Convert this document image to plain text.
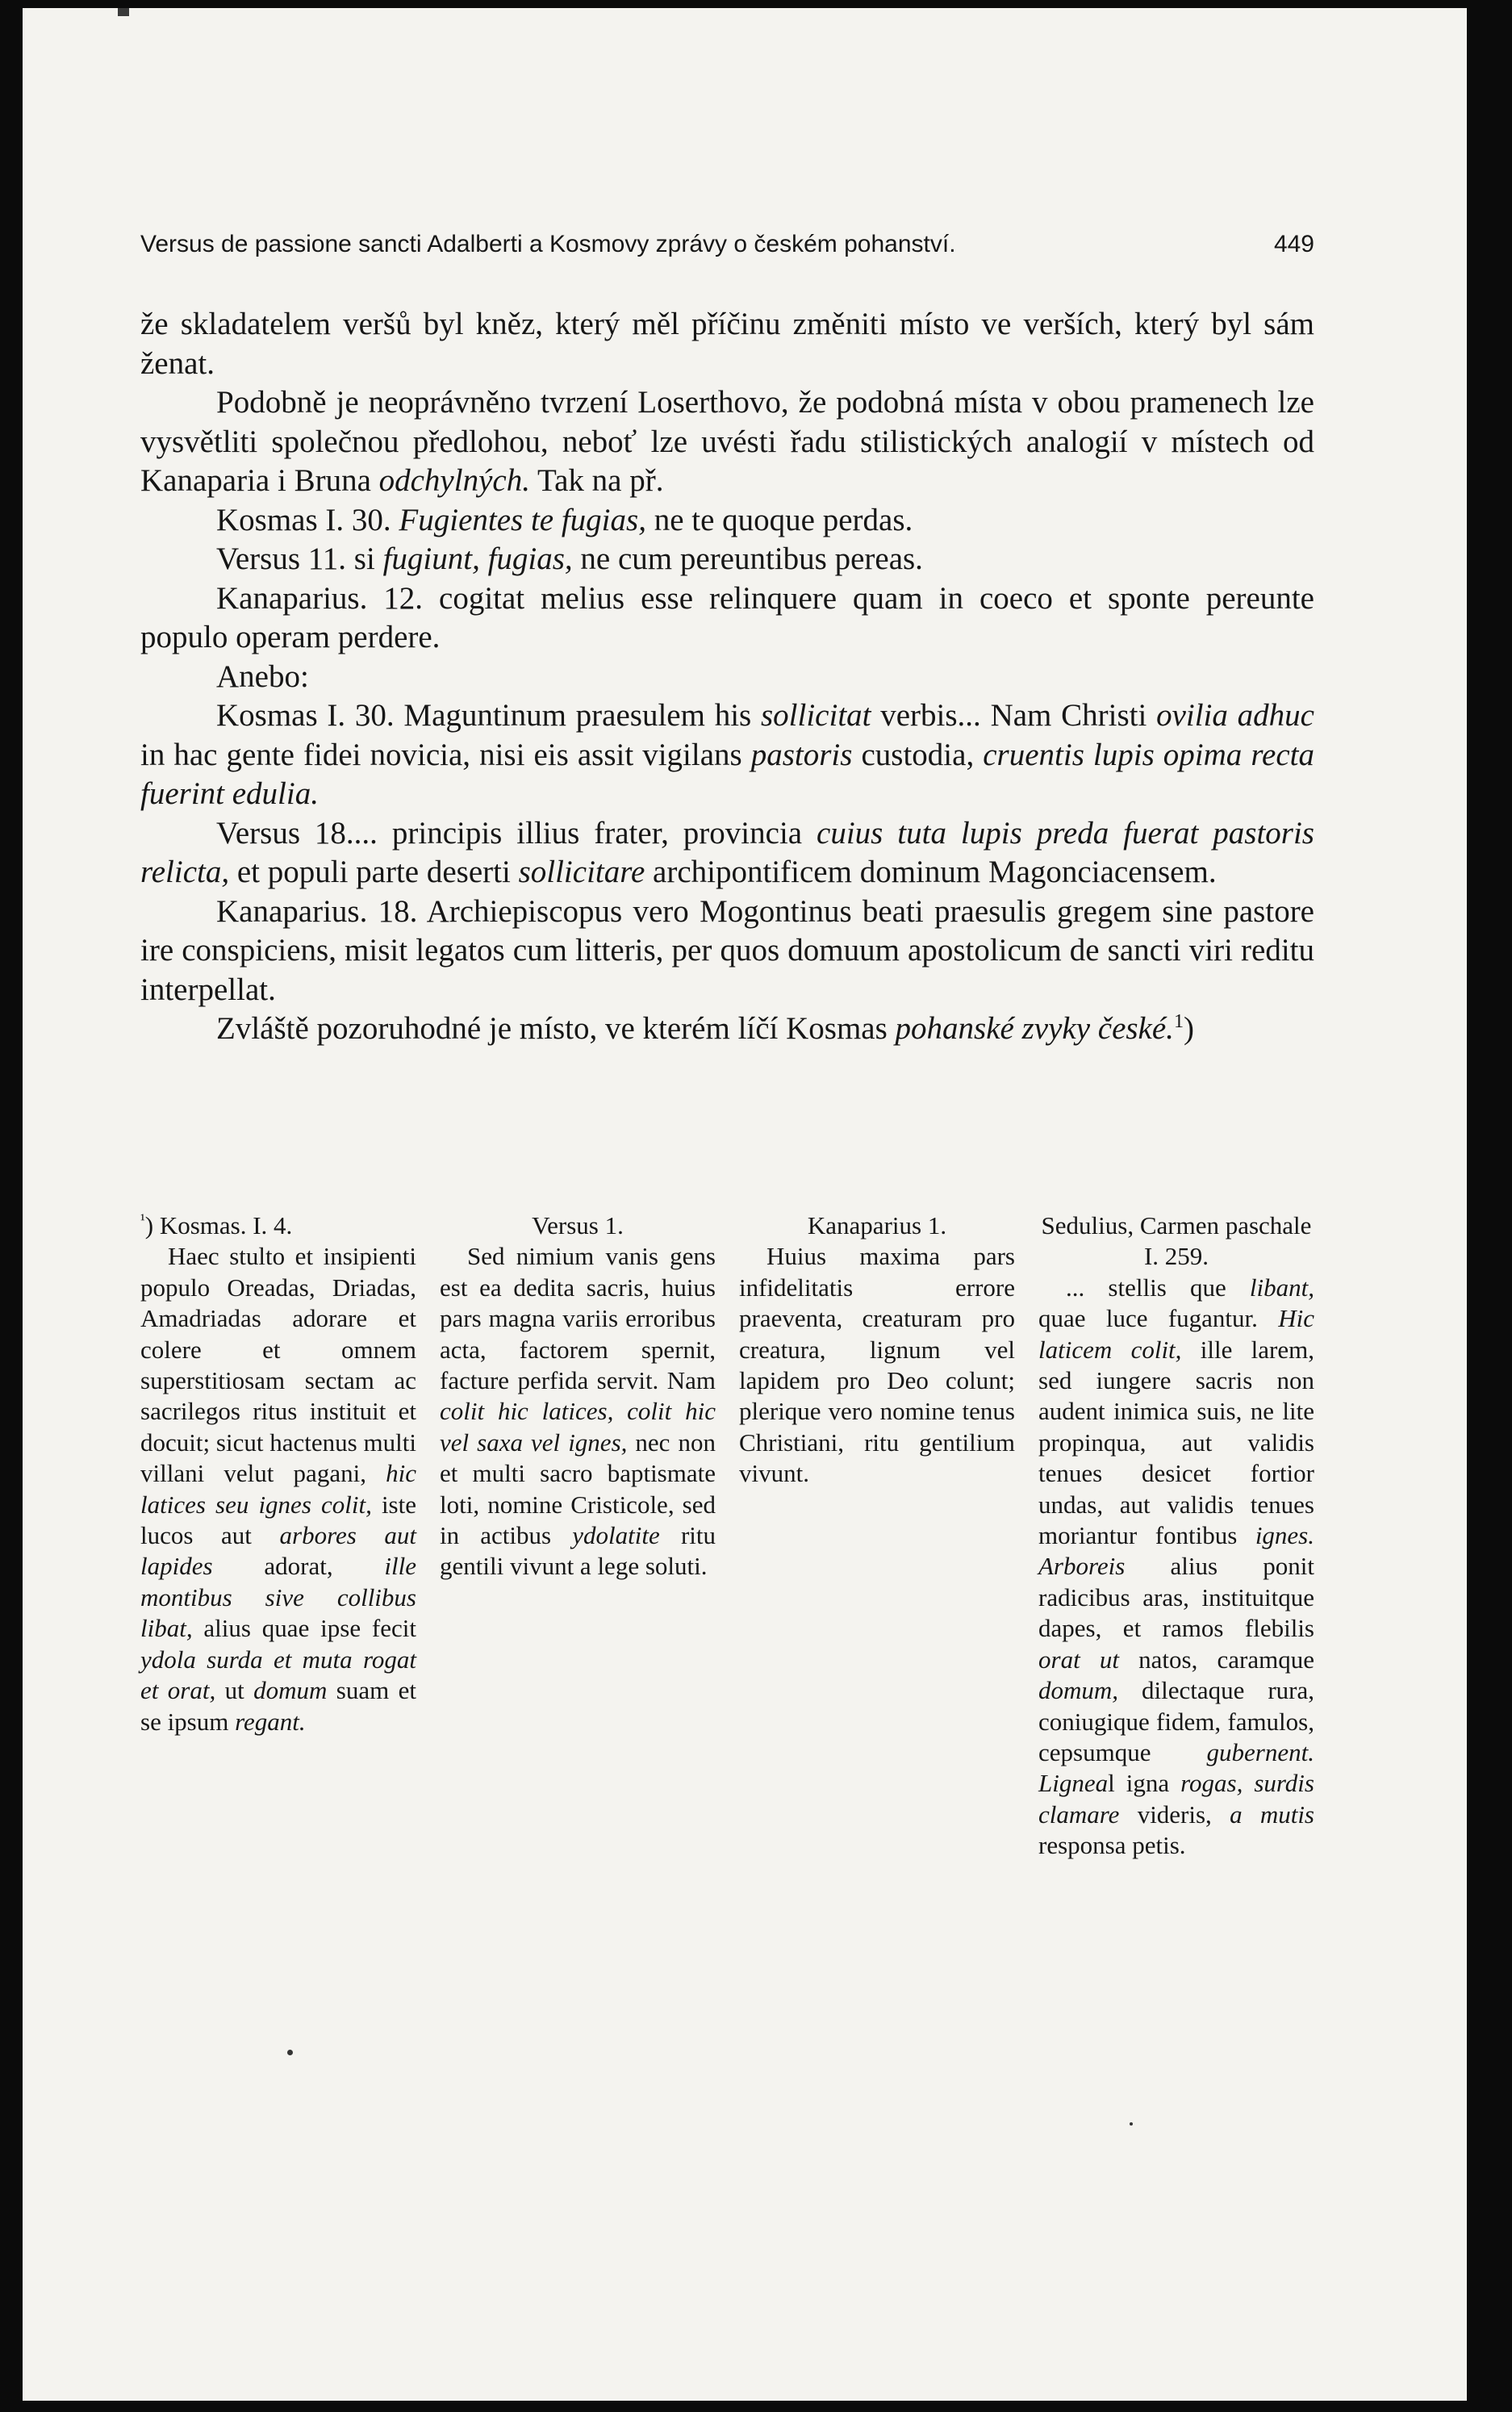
Versus de passione sancti Adalberti a Kosmovy zprávy o českém pohanství.	449

že skladatelem veršů byl kněz, který měl příčinu změniti místo ve verších, který byl sám ženat.

Podobně je neoprávněno tvrzení Loserthovo, že podobná místa v obou pramenech lze vysvětliti společnou předlohou, neboť lze uvésti řadu stilistických analogií v místech od Kanaparia i Bruna odchylných. Tak na př.

Kosmas I. 30. Fugientes te fugias, ne te quoque perdas.

Versus 11. si fugiunt, fugias, ne cum pereuntibus pereas.

Kanaparius. 12. cogitat melius esse relinquere quam in coeco et sponte pereunte populo operam perdere.

Anebo:

Kosmas I. 30. Maguntinum praesulem his sollicitat verbis... Nam Christi ovilia adhuc in hac gente fidei novicia, nisi eis assit vigilans pastoris custodia, cruentis lupis opima recta fuerint edulia.

Versus 18.... principis illius frater, provincia cuius tuta lupis preda fuerat pastoris relicta, et populi parte deserti sollicitare archipontificem dominum Magonciacensem.

Kanaparius. 18. Archiepiscopus vero Mogontinus beati praesulis gregem sine pastore ire conspiciens, misit legatos cum litteris, per quos domuum apostolicum de sancti viri reditu interpellat.

Zvláště pozoruhodné je místo, ve kterém líčí Kosmas pohanské zvyky české.$^1$)

$^{^1}$) Kosmas. I. 4.

Haec stulto et insipienti populo Oreadas, Driadas, Amadriadas adorare et colere et omnem superstitiosam sectam ac sacrilegos ritus instituit et docuit; sicut hactenus multi villani velut pagani, hic latices seu ignes colit, iste lucos aut arbores aut lapides adorat, ille montibus sive collibus libat, alius quae ipse fecit ydola surda et muta rogat et orat, ut domum suam et se ipsum regant.

Versus 1.

Sed nimium vanis gens est ea dedita sacris, huius pars magna variis erroribus acta, factorem spernit, facture perfida servit. Nam colit hic latices, colit hic vel saxa vel ignes, nec non et multi sacro baptismate loti, nomine Cristicole, sed in actibus ydolatite ritu gentili vivunt a lege soluti.

Kanaparius 1.

Huius maxima pars infidelitatis errore praeventa, creaturam pro creatura, lignum vel lapidem pro Deo colunt; plerique vero nomine tenus Christiani, ritu gentilium vivunt.

Sedulius, Carmen paschale I. 259.

... stellis que libant, quae luce fugantur. Hic laticem colit, ille larem, sed iungere sacris non audent inimica suis, ne lite propinqua, aut validis tenues desicet fortior undas, aut validis tenues moriantur fontibus ignes. Arboreis alius ponit radicibus aras, instituitque dapes, et ramos flebilis orat ut natos, caramque domum, dilectaque rura, coniugique fidem, famulos, cepsumque gubernent. Ligneal igna rogas, surdis clamare videris, a mutis responsa petis.
